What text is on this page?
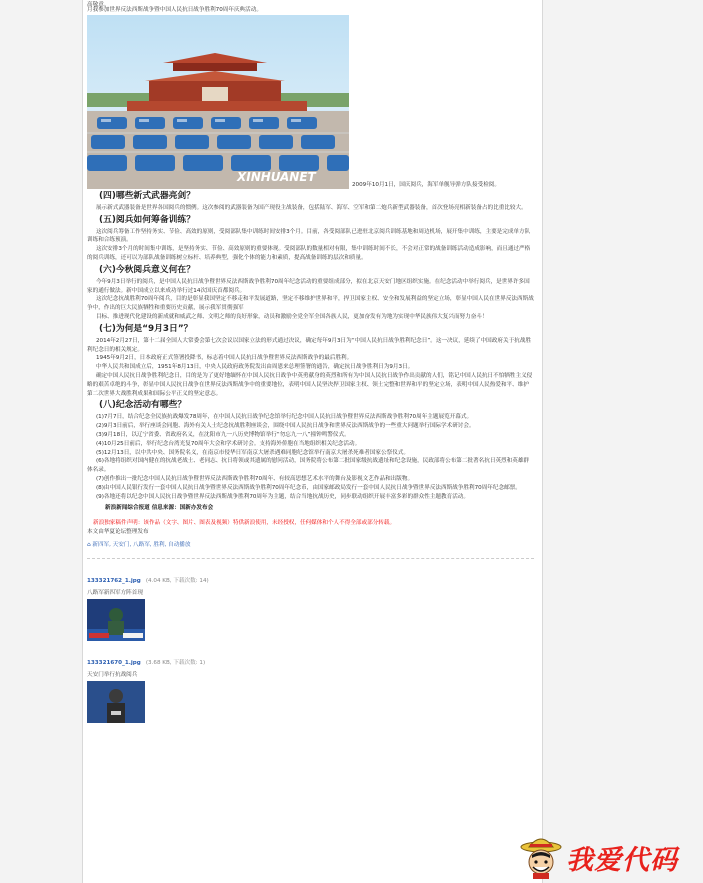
高敬意。

月我参加世界反法西斯战争暨中国人民抗日战争胜利70周年庆典活动。

XINHUANET
2009年10月1日，国庆阅兵，海军单舰导弹方队接受检阅。
(四)哪些新式武器亮剑？

展示新式武器装备是世界各国阅兵的惯例。这次参阅的武器装备为国产现役主战装备，包括陆军、海军、空军和第二炮兵新型武器装备，首次登场亮相新装备占的比重比较大。

(五)阅兵如何筹备训练？

这次阅兵筹备工作坚持务实、节俭、高效的原则，受阅部队集中训练时间安排3个月。目前，各受阅部队已进驻北京阅兵训练基地和周边机场，展开集中训练，主要是完成单方队训练和合练预演。

这次安排3个月的时间集中训练，是坚持务实、节俭、高效原则的重要体现。受阅部队的数量相对有限，集中训练时间不长，不会对正常的战备训练活动造成影响，而且通过严格的阅兵训练，还可以为部队战备训练树立标杆、培养典型，强化个体的能力和素质，提高战备训练的层次和质量。

(六)今秋阅兵意义何在？

今年9月3日举行的阅兵，是中国人民抗日战争暨世界反法西斯战争胜利70周年纪念活动的重要组成部分，拟在北京天安门地区组织实施。在纪念活动中举行阅兵，是世界许多国家的通行做法。新中国成立以来成功举行过14次国庆首都阅兵。

这次纪念抗战胜利70周年阅兵，目的是彰显我国坚定不移走和平发展道路，坚定不移维护世界和平，捍卫国家主权、安全和发展利益的坚定立场，彰显中国人民在世界反法西斯战争中，作出的巨大民族牺牲和重要历史贡献，展示我军贯彻强军

目标、推进现代化建设的新成就和威武之师、文明之师的良好形象，动员和激励全党全军全国各族人民，更加奋发有为地为实现中华民族伟大复兴而努力奋斗！

(七)为何是“9月3日”？

2014年2月27日，第十二届全国人大常委会第七次会议以国家立法的形式通过决议，确定每年9月3日为“中国人民抗日战争胜利纪念日”。这一决议，延续了中国政府关于抗战胜利纪念日的相关规定。

1945年9月2日，日本政府正式签署投降书，标志着中国人民抗日战争暨世界反法西斯战争的最后胜利。

中华人民共和国成立后，1951年8月13日，中央人民政府政务院发出由周恩来总理签署的通告，确定抗日战争胜利日为9月3日。

确定中国人民抗日战争胜利纪念日，目的是为了更好地缅怀在中国人民抗日战争中英勇献身的英烈和所有为中国人民抗日战争作出贡献的人们，铭记中国人民抗日不怕牺牲主义侵略的艰苦卓绝的斗争，彰显中国人民抗日战争在世界反法西斯战争中的重要地位，表明中国人民坚决捍卫国家主权、领土完整和世界和平的坚定立场，表明中国人民热爱和平、维护第二次世界大战胜利成果和国际公平正义的坚定意志。

(八)纪念活动有哪些？

(1)7月7日，结合纪念全民族抗战爆发78周年，在中国人民抗日战争纪念馆举行纪念中国人民抗日战争暨世界反法西斯战争胜利70周年主题展览开幕式。

(2)9月3日前后，举行座谈会同胞、海外有关人士纪念抗战胜利座谈会，围绕中国人民抗日战争和世界反法西斯战争的一些重大问题举行国际学术研讨会。

(3)9月18日，以辽宁省委、省政府名义，在沈阳市九一八历史博物馆举行“勿忘九一八”撞钟鸣警仪式。

(4)10月25日前后，举行纪念台湾光复70周年大会和学术研讨会。支持海外侨胞在当地组织相关纪念活动。

(5)12月13日，以中共中央、国务院名义，在南京市侵华日军南京大屠杀遇难同胞纪念馆举行南京大屠杀死难者国家公祭仪式。

(6)各地将组织对国内健在的抗战老战士、老同志、抗日将领或其遗属的慰问活动，国务院将公布第二批国家级抗战遗址和纪念设施，民政部将公布第二批著名抗日英烈和英雄群体名录。

(7)创作推出一批纪念中国人民抗日战争暨世界反法西斯战争胜利70周年、有较高思想艺术水平的舞台及影视文艺作品和出版物。

(8)由中国人民银行发行一套中国人民抗日战争暨世界反法西斯战争胜利70周年纪念币，由国家邮政局发行一套中国人民抗日战争暨世界反法西斯战争胜利70周年纪念邮票。

(9)各地还将以纪念中国人民抗日战争暨世界反法西斯战争胜利70周年为主题，结合当地抗战历史，同步联动组织开展丰富多彩的群众性主题教育活动。

新浪新闻综合报道 信息来源：国新办发布会

新浪独家稿件声明：该作品（文字、图片、图表及视频）特供新浪使用，未经授权，任何媒体和个人不得全部或部分转载。

本文由华夏论坛整理发布

⌂ 新四军, 天安门, 八路军, 胜利, 自动播放

133321762_1.jpg (4.04 KB, 下载次数: 14)
八路军新四军方阵首现
133321670_1.jpg (3.68 KB, 下载次数: 1)
天安门举行抗战阅兵
我爱代码
